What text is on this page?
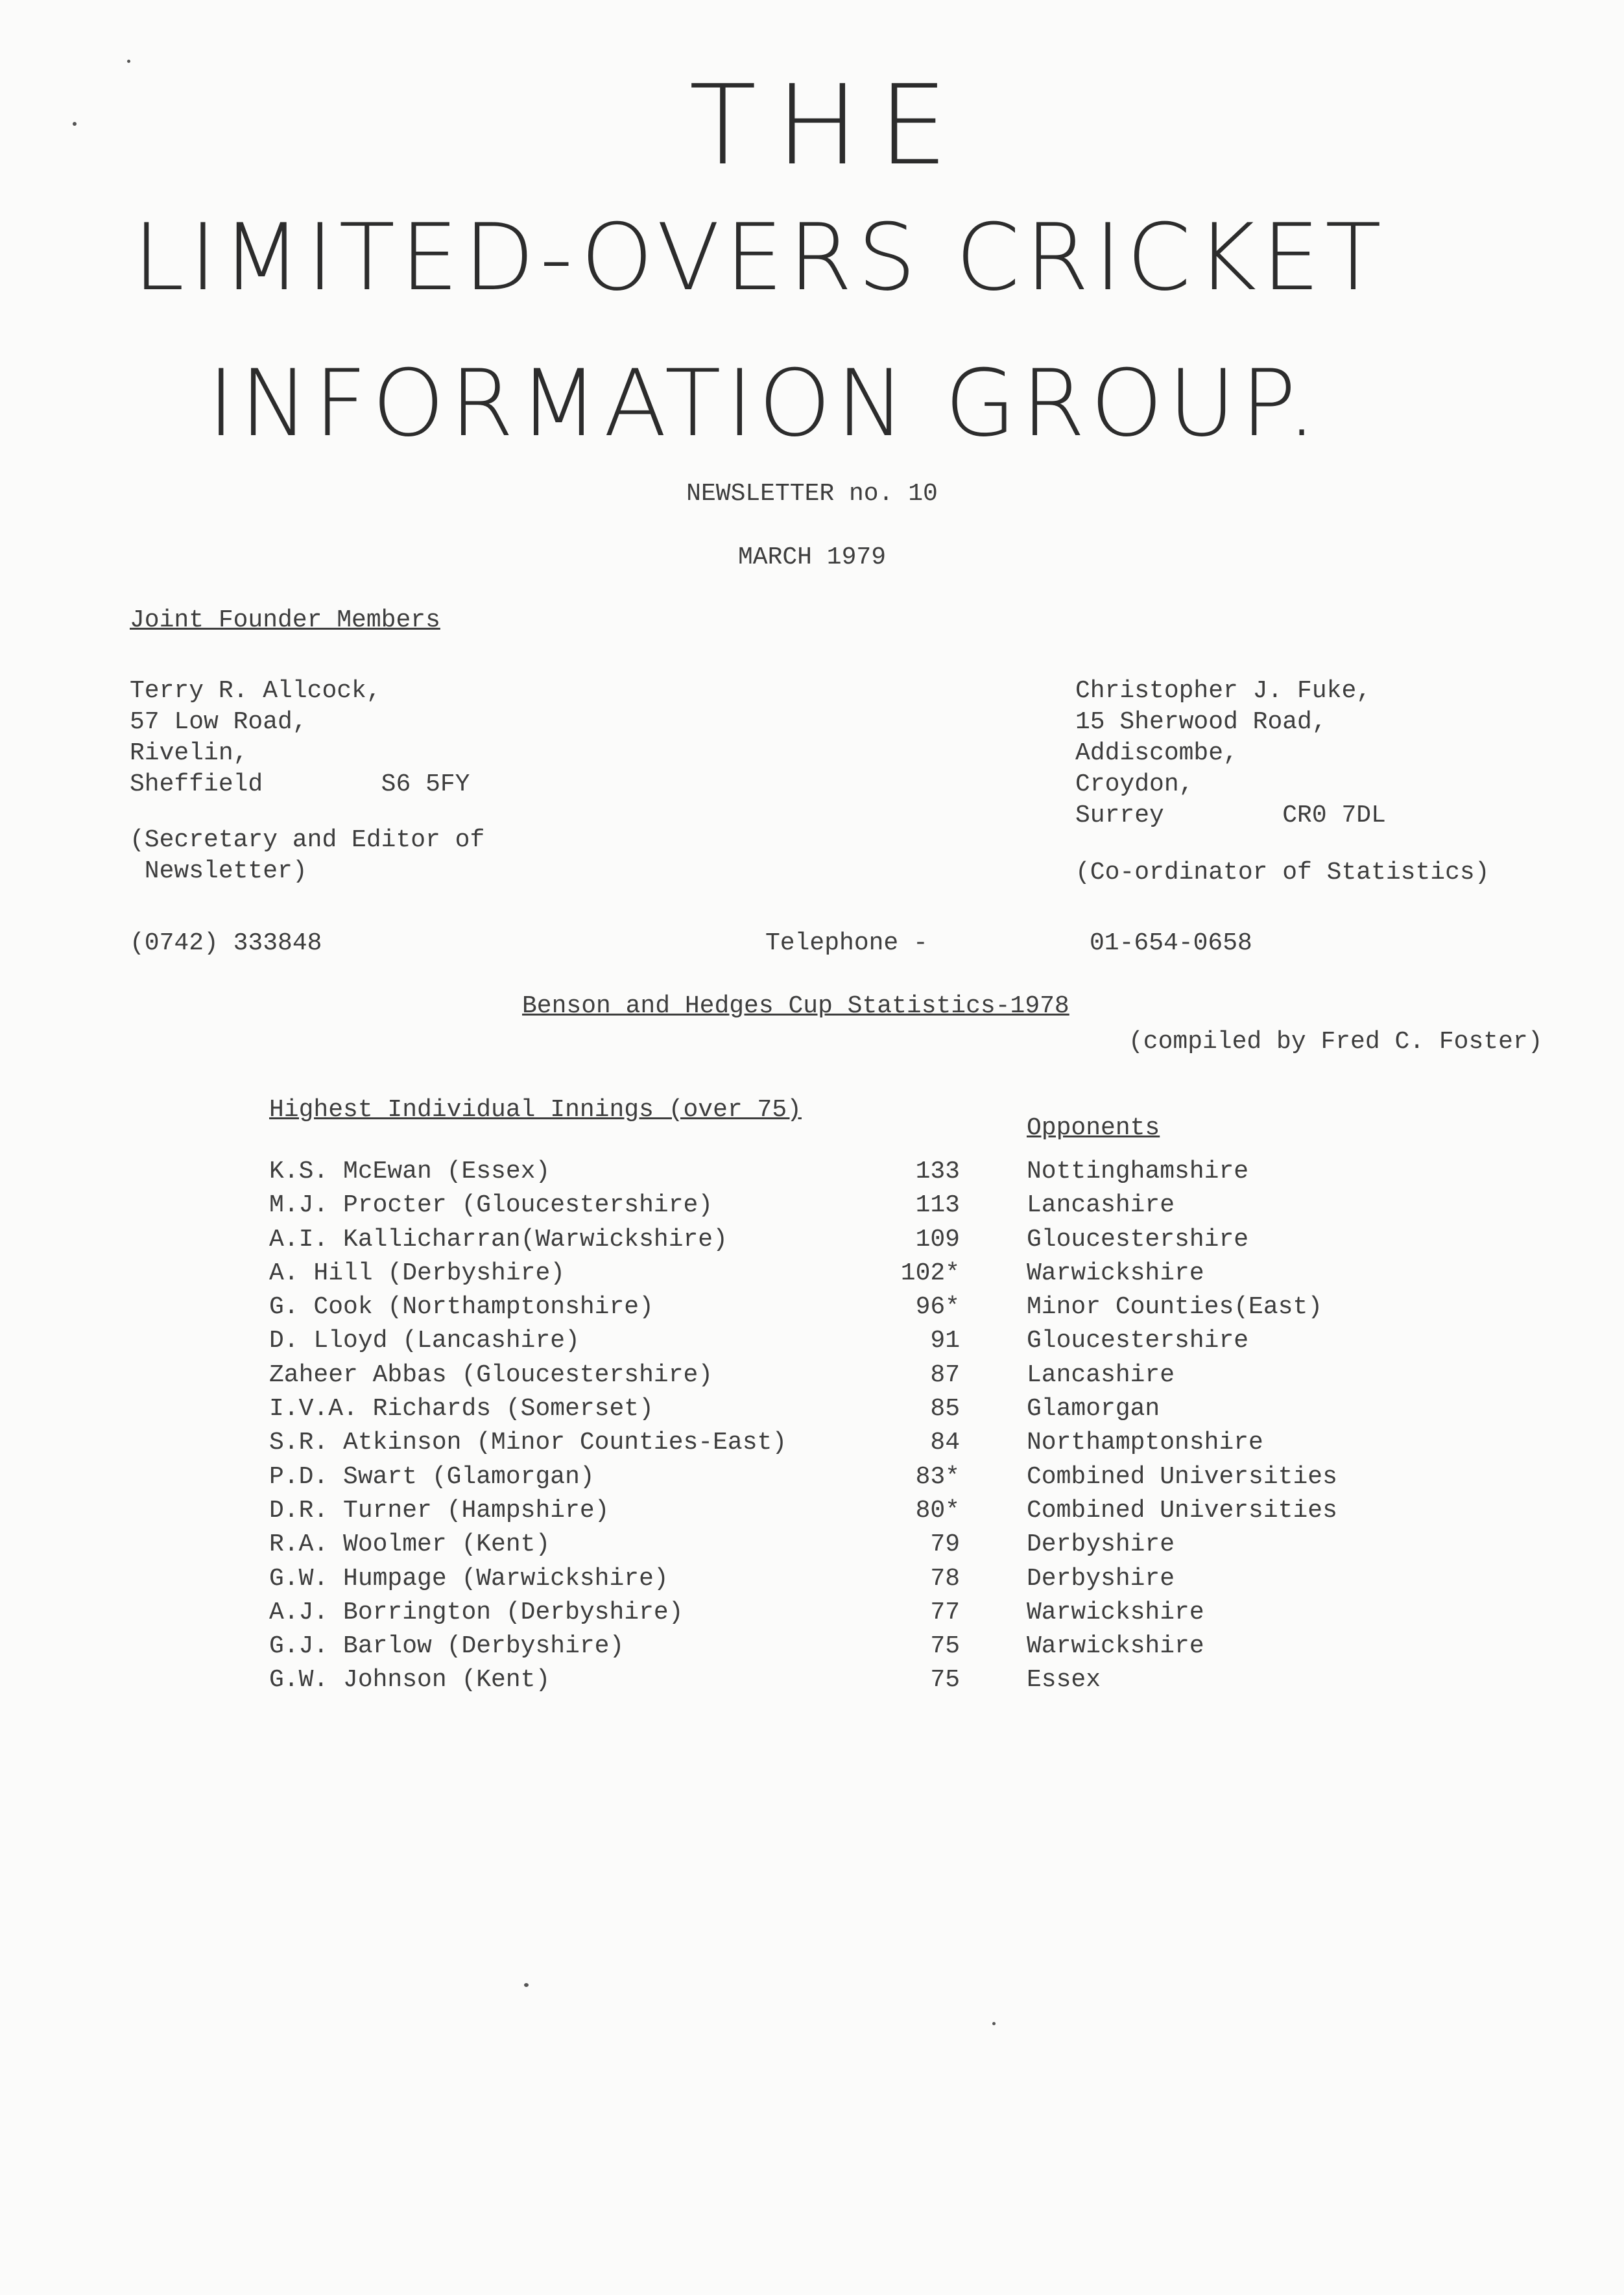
THE
LIMITED-OVERS CRICKET
INFORMATION GROUP.
NEWSLETTER no. 10
MARCH 1979
Joint Founder Members
Terry R. Allcock,
57 Low Road,
Rivelin,
Sheffield        S6 5FY
(Secretary and Editor of
Newsletter)
Christopher J. Fuke,
15 Sherwood Road,
Addiscombe,
Croydon,
Surrey        CR0 7DL
(Co-ordinator of Statistics)
(0742) 333848	Telephone -	01-654-0658
Benson and Hedges Cup Statistics-1978
(compiled by Fred C. Foster)
Highest Individual Innings (over 75)
Opponents
K.S. McEwan (Essex)	133	Nottinghamshire
M.J. Procter (Gloucestershire)	113	Lancashire
A.I. Kallicharran(Warwickshire)	109	Gloucestershire
A. Hill (Derbyshire)	102*	Warwickshire
G. Cook (Northamptonshire)	96*	Minor Counties(East)
D. Lloyd (Lancashire)	91	Gloucestershire
Zaheer Abbas (Gloucestershire)	87	Lancashire
I.V.A. Richards (Somerset)	85	Glamorgan
S.R. Atkinson (Minor Counties-East)	84	Northamptonshire
P.D. Swart (Glamorgan)	83*	Combined Universities
D.R. Turner (Hampshire)	80*	Combined Universities
R.A. Woolmer (Kent)	79	Derbyshire
G.W. Humpage (Warwickshire)	78	Derbyshire
A.J. Borrington (Derbyshire)	77	Warwickshire
G.J. Barlow (Derbyshire)	75	Warwickshire
G.W. Johnson (Kent)	75	Essex
